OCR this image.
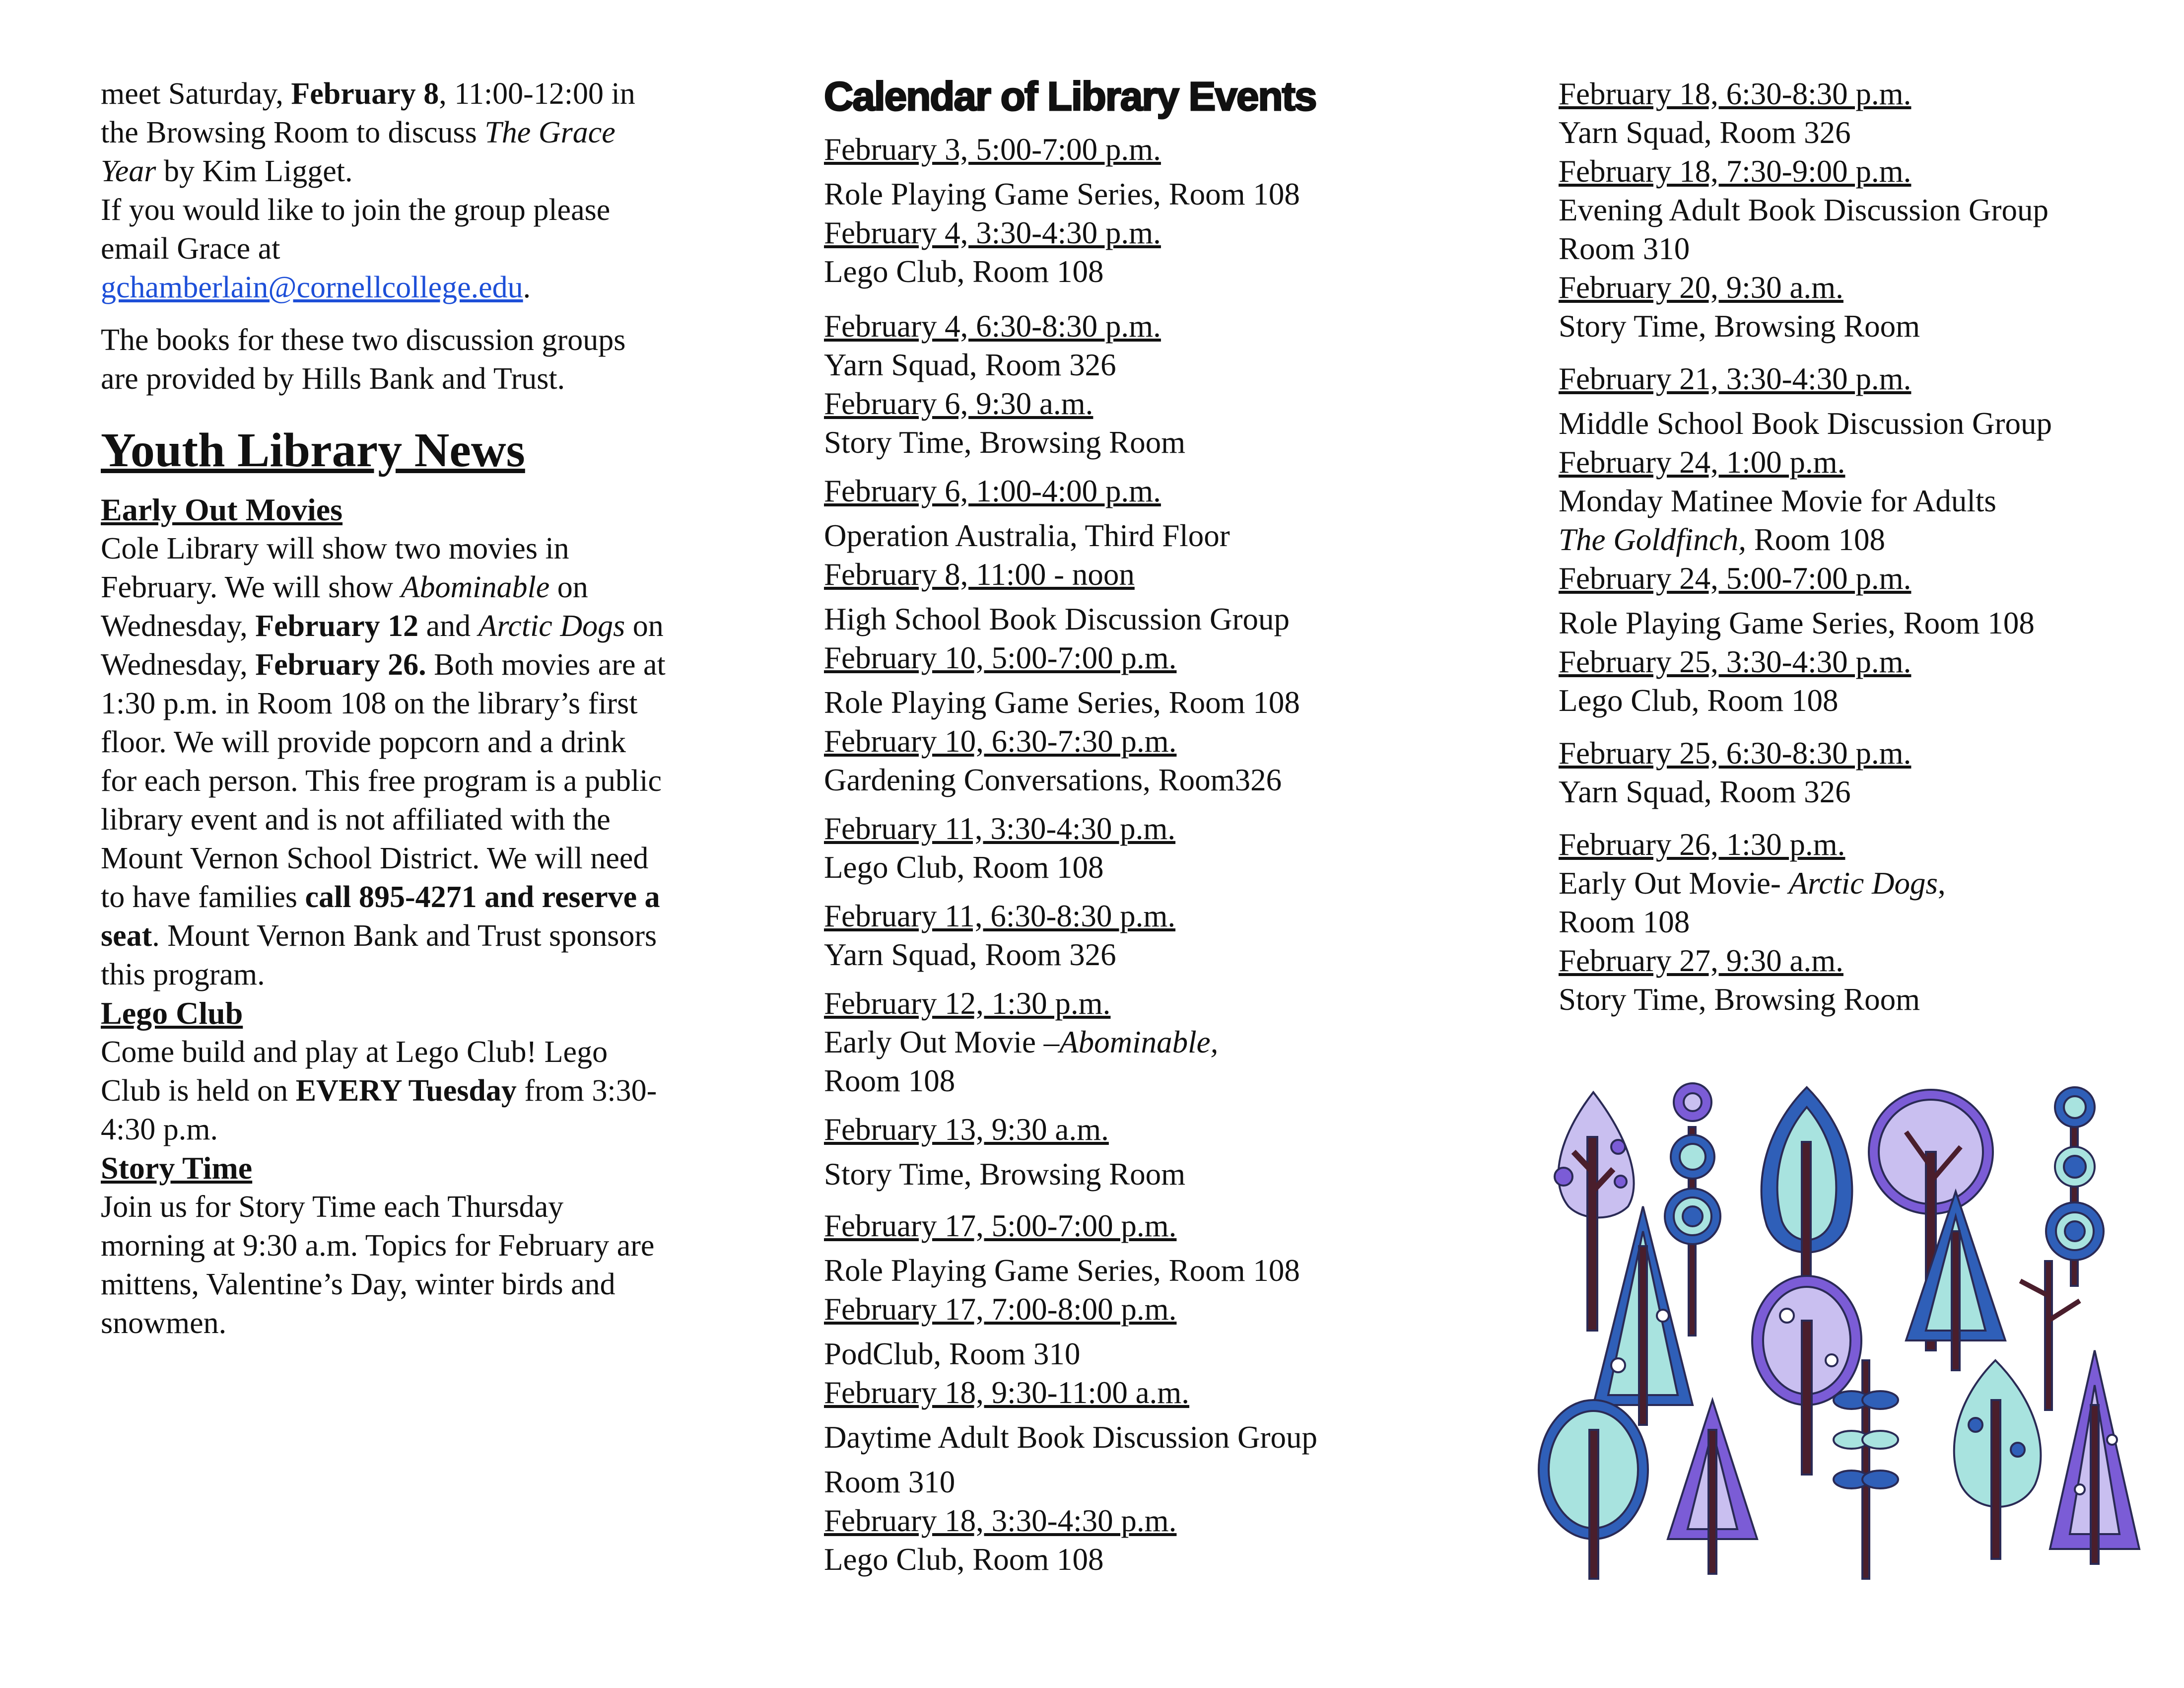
meet Saturday, February 8, 11:00-12:00 in the Browsing Room to discuss The Grace Year by Kim Ligget.
If you would like to join the group please email Grace at
gchamberlain@cornellcollege.edu.

The books for these two discussion groups are provided by Hills Bank and Trust.

Youth Library News

Early Out Movies

Cole Library will show two movies in February. We will show Abominable on Wednesday, February 12 and Arctic Dogs on Wednesday, February 26. Both movies are at 1:30 p.m. in Room 108 on the library’s first floor. We will provide popcorn and a drink for each person. This free program is a public library event and is not affiliated with the Mount Vernon School District. We will need to have families call 895-4271 and reserve a seat. Mount Vernon Bank and Trust sponsors this program.

Lego Club

Come build and play at Lego Club! Lego Club is held on EVERY Tuesday from 3:30-4:30 p.m.

Story Time

Join us for Story Time each Thursday morning at 9:30 a.m. Topics for February are mittens, Valentine’s Day, winter birds and snowmen.

Calendar of Library Events
February 3, 5:00-7:00 p.m.
Role Playing Game Series, Room 108
February 4, 3:30-4:30 p.m.
Lego Club, Room 108
February 4, 6:30-8:30 p.m.
Yarn Squad, Room 326
February 6, 9:30 a.m.
Story Time, Browsing Room
February 6, 1:00-4:00 p.m.
Operation Australia, Third Floor
February 8, 11:00 - noon
High School Book Discussion Group
February 10, 5:00-7:00 p.m.
Role Playing Game Series, Room 108
February 10, 6:30-7:30 p.m.
Gardening Conversations, Room326
February 11, 3:30-4:30 p.m.
Lego Club, Room 108
February 11, 6:30-8:30 p.m.
Yarn Squad, Room 326
February 12, 1:30 p.m.
Early Out Movie –Abominable,
Room 108
February 13, 9:30 a.m.
Story Time, Browsing Room
February 17, 5:00-7:00 p.m.
Role Playing Game Series, Room 108
February 17, 7:00-8:00 p.m.
PodClub, Room 310
February 18, 9:30-11:00 a.m.
Daytime Adult Book Discussion Group
Room 310
February 18, 3:30-4:30 p.m.
Lego Club, Room 108
February 18, 6:30-8:30 p.m.
Yarn Squad, Room 326
February 18, 7:30-9:00 p.m.
Evening Adult Book Discussion Group
Room 310
February 20, 9:30 a.m.
Story Time, Browsing Room
February 21, 3:30-4:30 p.m.
Middle School Book Discussion Group
February 24, 1:00 p.m.
Monday Matinee Movie for Adults
The Goldfinch, Room 108
February 24, 5:00-7:00 p.m.
Role Playing Game Series, Room 108
February 25, 3:30-4:30 p.m.
Lego Club, Room 108
February 25, 6:30-8:30 p.m.
Yarn Squad, Room 326
February 26, 1:30 p.m.
Early Out Movie- Arctic Dogs,
Room 108
February 27, 9:30 a.m.
Story Time, Browsing Room
